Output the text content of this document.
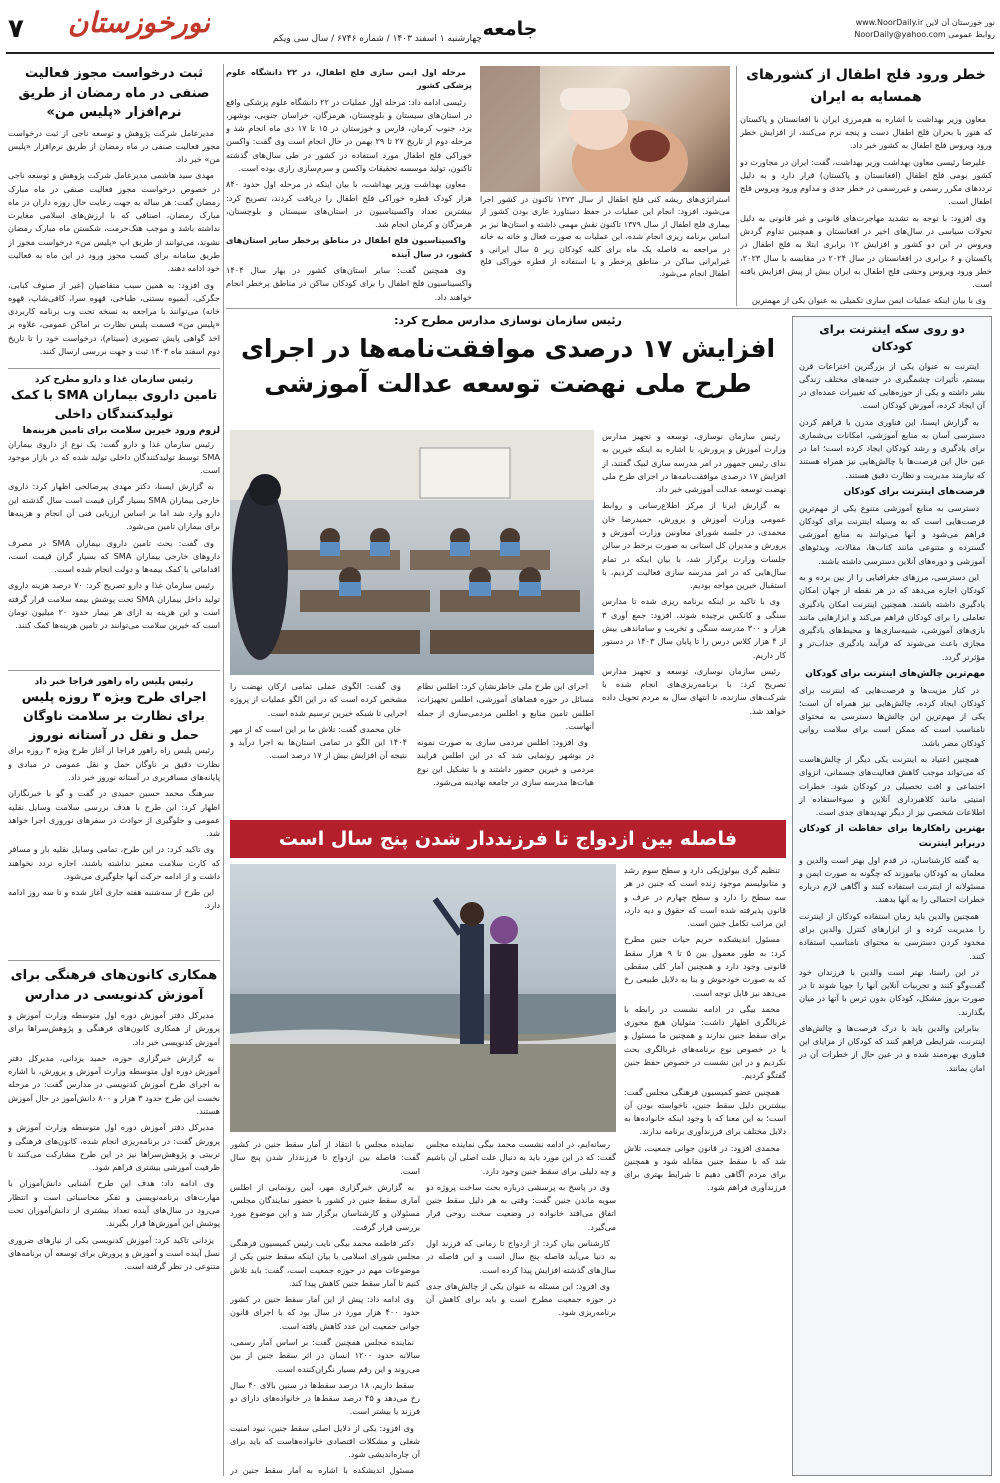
۷	نورخوزستان	چهارشنبه ۱ اسفند ۱۴۰۳ / شماره ۶۷۴۶ / سال سی ویکم جامعه	نور خوزستان آن لاین www.NoorDaily.ir
روابط عمومی NoorDaily@yahoo.com
خطر ورود فلج اطفال از کشورهای
همسایه به ایران

معاون وزیر بهداشت با اشاره به هم‌مرزی ایران با افغانستان و پاکستان که هنوز با بحران فلج اطفال دست و پنجه نرم می‌کنند، از افزایش خطر ورود ویروس فلج اطفال به کشور خبر داد.

علیرضا رئیسی معاون بهداشت وزیر بهداشت، گفت: ایران در مجاورت دو کشور بومی فلج اطفال (افغانستان و پاکستان) قرار دارد و به دلیل ترددهای مکرر رسمی و غیررسمی در خطر جدی و مداوم ورود ویروس فلج اطفال است.

وی افزود: با توجه به تشدید مهاجرت‌های قانونی و غیر قانونی به دلیل تحولات سیاسی در سال‌های اخیر در افغانستان و همچنین تداوم گردش ویروس در این دو کشور و افزایش ۱۲ برابری ابتلا به فلج اطفال در پاکستان و ۶ برابری در افغانستان در سال ۲۰۲۴ در مقایسه با سال ۲۰۲۳، خطر ورود ویروس وحشی فلج اطفال به ایران بیش از پیش افزایش یافته است.

وی با بیان اینکه عملیات ایمن سازی تکمیلی به عنوان یکی از مهمترین

استراتژی‌های ریشه کنی فلج اطفال از سال ۱۳۷۳ تاکنون در کشور اجرا می‌شود. افزود: انجام این عملیات در حفظ دستاورد عاری بودن کشور از بیماری فلج اطفال از سال ۱۳۷۹ تاکنون نقش مهمی داشته و استان‌ها نیز بر اساس برنامه ریزی انجام شده، این عملیات به صورت فعال و خانه به خانه در مراجعه به فاصله یک ماه برای کلیه کودکان زیر ۵ سال ایرانی و غیرایرانی ساکن در مناطق پرخطر و با استفاده از قطره خوراکی فلج اطفال انجام می‌شود.

مرحله اول ایمن سازی فلج اطفال، در ۲۲ دانشگاه علوم پزشکی کشور

رئیسی ادامه داد: مرحله اول عملیات در ۲۲ دانشگاه علوم پزشکی واقع در استان‌های سیستان و بلوچستان، هرمزگان، خراسان جنوبی، بوشهر، یزد، جنوب کرمان، فارس و خوزستان در ۱۵ تا ۱۷ دی ماه انجام شد و مرحله دوم از تاریخ ۲۷ تا ۲۹ بهمن در حال انجام است وی گفت: واکسن خوراکی فلج اطفال مورد استفاده در کشور در طی سال‌های گذشته تاکنون، تولید موسسه تحقیقات واکسن و سرم‌سازی رازی بوده است.

معاون بهداشت وزیر بهداشت، با بیان اینکه در مرحله اول حدود ۸۴۰ هزار کودک قطره خوراکی فلج اطفال را دریافت کردند، تصریح کرد: بیشترین تعداد واکسیناسیون در استان‌های سیستان و بلوچستان، هرمزگان و کرمان انجام شد.

واکسیناسیون فلج اطفال در مناطق پرخطر سایر استان‌های کشور، در سال آینده

وی همچنین گفت: سایر استان‌های کشور در بهار سال ۱۴۰۴ واکسیناسیون فلج اطفال را برای کودکان ساکن در مناطق پرخطر انجام خواهند داد.

ثبت درخواست مجوز فعالیت صنفی در ماه رمضان از طریق نرم‌افزار «پلیس من»

مدیرعامل شرکت پژوهش و توسعه ناجی از ثبت درخواست مجوز فعالیت صنفی در ماه رمضان از طریق نرم‌افزار «پلیس من» خبر داد.

مهدی سید هاشمی مدیرعامل شرکت پژوهش و توسعه ناجی در خصوص درخواست مجوز فعالیت صنفی در ماه مبارک رمضان گفت: هر ساله به جهت رعایت حال روزه داران در ماه مبارک رمضان، اصنافی که با ارزش‌های اسلامی مغایرت نداشته باشد و موجب هتک‌حرمت، شکستن ماه مبارک رمضان نشوند، می‌توانند از طریق اپ «پلیس من» درخواست مجوز از طریق سامانه برای کسب مجوز ورود در این ماه به فعالیت خود ادامه دهند.

وی افزود: به همین سبب متقاضیان (غیر از صنوف کبابی، جگرکی، آبمیوه بستنی، طباخی، قهوه سرا، کافی‌شاپ، قهوه خانه) می‌توانند با مراجعه به نسخه تحت وب برنامه کاربردی «پلیس من» قسمت پلیس نظارت بر اماکن عمومی، علاوه بر اخذ گواهی پایش تصویری (سیتام)، درخواست خود را تا تاریخ دوم اسفند ماه ۱۴۰۳ ثبت و جهت بررسی ارسال کنند.

رئیس سازمان غذا و دارو مطرح کرد
تامین داروی بیماران SMA با کمک تولیدکنندگان داخلی
لزوم ورود خیرین سلامت برای تامین هزینه‌ها

رئیس سازمان غذا و دارو گفت: یک نوع از داروی بیماران SMA توسط تولیدکنندگان داخلی تولید شده که در بازار موجود است.

به گزارش ایسنا، دکتر مهدی پیرصالحی اظهار کرد: داروی خارجی بیماران SMA بسیار گران قیمت است سال گذشته این دارو وارد شد اما بر اساس ارزیابی فنی آن انجام و هزینه‌ها برای بیماران تامین می‌شود.

وی گفت: بحث تامین داروی بیماران SMA در مصرف داروهای خارجی بیماران SMA که بسیار گران قیمت است، اقداماتی با کمک بیمه‌ها و دولت انجام شده است.

رئیس سازمان غذا و دارو تصریح کرد: ۷۰ درصد هزینه داروی تولید داخل بیماران SMA تحت پوشش بیمه سلامت قرار گرفته است و این هزینه به ازای هر بیمار حدود ۲۰ میلیون تومان است که خیرین سلامت می‌توانند در تامین هزینه‌ها کمک کنند.

رئیس پلیس راه راهور فراجا خبر داد
اجرای طرح ویژه ۳ روزه پلیس برای نظارت بر سلامت ناوگان حمل و نقل در آستانه نوروز

رئیس پلیس راه راهور فراجا از آغاز طرح ویژه ۳ روزه برای نظارت دقیق بر ناوگان حمل و نقل عمومی در مبادی و پایانه‌های مسافربری در آستانه نوروز خبر داد.

سرهنگ محمد حسین حمیدی در گفت و گو با خبرنگاران اظهار کرد: این طرح با هدف بررسی سلامت وسایل نقلیه عمومی و جلوگیری از حوادث در سفرهای نوروزی اجرا خواهد شد.

وی تاکید کرد: در این طرح، تمامی وسایل نقلیه بار و مسافر که کارت سلامت معتبر نداشته باشند، اجازه تردد نخواهند داشت و از ادامه حرکت آنها جلوگیری می‌شود.

این طرح از سه‌شنبه هفته جاری آغاز شده و تا سه روز ادامه دارد.

همکاری کانون‌های فرهنگی برای آموزش کدنویسی در مدارس

مدیرکل دفتر آموزش دوره اول متوسطه وزارت آموزش و پرورش از همکاری کانون‌های فرهنگی و پژوهش‌سرا‌ها برای آموزش کدنویسی خبر داد.

به گزارش خبرگزاری حوزه، حمید یزدانی، مدیرکل دفتر آموزش دوره اول متوسطه وزارت آموزش و پرورش، با اشاره به اجرای طرح آموزش کدنویسی در مدارس گفت: در مرحله نخست این طرح حدود ۳ هزار و ۸۰۰ دانش‌آموز در حال آموزش هستند.

مدیرکل دفتر آموزش دوره اول متوسطه وزارت آموزش و پرورش گفت: در برنامه‌ریزی انجام شده، کانون‌های فرهنگی و تربیتی و پژوهش‌سراها نیز در این طرح مشارکت می‌کنند تا ظرفیت آموزشی بیشتری فراهم شود.

وی ادامه داد: هدف این طرح آشنایی دانش‌آموزان با مهارت‌های برنامه‌نویسی و تفکر محاسباتی است و انتظار می‌رود در سال‌های آینده تعداد بیشتری از دانش‌آموزان تحت پوشش این آموزش‌ها قرار بگیرند.

یزدانی تاکید کرد: آموزش کدنویسی یکی از نیازهای ضروری نسل آینده است و آموزش و پرورش برای توسعه آن برنامه‌های متنوعی در نظر گرفته است.

دو روی سکه اینترنت برای کودکان

اینترنت به عنوان یکی از بزرگترین اختراعات قرن بیستم، تأثیرات چشمگیری در جنبه‌های مختلف زندگی بشر داشته و یکی از حوزه‌هایی که تغییرات عمده‌ای در آن ایجاد کرده، آموزش کودکان است.

به گزارش ایسنا، این فناوری مدرن با فراهم کردن دسترسی آسان به منابع آموزشی، امکانات بی‌شماری برای یادگیری و رشد کودکان ایجاد کرده است؛ اما در عین حال این فرصت‌ها با چالش‌هایی نیز همراه هستند که نیازمند مدیریت و نظارت دقیق هستند.

فرصت‌های اینترنت برای کودکان

دسترسی به منابع آموزشی متنوع یکی از مهم‌ترین فرصت‌هایی است که به وسیله اینترنت برای کودکان فراهم می‌شود و آنها می‌توانند به منابع آموزشی گسترده و متنوعی مانند کتاب‌ها، مقالات، ویدئوهای آموزشی و دوره‌های آنلاین دسترسی داشته باشند.

این دسترسی، مرزهای جغرافیایی را از بین برده و به کودکان اجازه می‌دهد که در هر نقطه از جهان امکان یادگیری داشته باشند. همچنین اینترنت امکان یادگیری تعاملی را برای کودکان فراهم می‌کند و ابزارهایی مانند بازی‌های آموزشی، شبیه‌سازی‌ها و محیط‌های یادگیری مجازی باعث می‌شوند که فرآیند یادگیری جذاب‌تر و مؤثرتر گردد.

مهم‌ترین چالش‌های اینترنت برای کودکان

در کنار مزیت‌ها و فرصت‌هایی که اینترنت برای کودکان ایجاد کرده، چالش‌هایی نیز همراه آن است؛ یکی از مهم‌ترین این چالش‌ها دسترسی به محتوای نامناسب است که ممکن است برای سلامت روانی کودکان مضر باشد.

همچنین اعتیاد به اینترنت یکی دیگر از چالش‌هاست که می‌تواند موجب کاهش فعالیت‌های جسمانی، انزوای اجتماعی و افت تحصیلی در کودکان شود. خطرات امنیتی مانند کلاهبرداری آنلاین و سوءاستفاده از اطلاعات شخصی نیز از دیگر تهدیدهای جدی است.

بهترین راهکارها برای حفاظت از کودکان دربرابر اینترنت

به گفته کارشناسان، در قدم اول بهتر است والدین و معلمان به کودکان بیاموزند که چگونه به صورت ایمن و مسئولانه از اینترنت استفاده کنند و آگاهی لازم درباره خطرات احتمالی را به آنها بدهند.

همچنین والدین باید زمان استفاده کودکان از اینترنت را مدیریت کرده و از ابزارهای کنترل والدین برای محدود کردن دسترسی به محتوای نامناسب استفاده کنند.

در این راستا، بهتر است والدین با فرزندان خود گفت‌وگو کنند و تجربیات آنلاین آنها را جویا شوند تا در صورت بروز مشکل، کودکان بدون ترس با آنها در میان بگذارند.

بنابراین والدین باید با درک فرصت‌ها و چالش‌های اینترنت، شرایطی فراهم کنند که کودکان از مزایای این فناوری بهره‌مند شده و در عین حال از خطرات آن در امان بمانند.

رئیس سازمان نوسازی مدارس مطرح کرد:
افزایش ۱۷ درصدی موافقت‌نامه‌ها در اجرای
طرح ملی نهضت توسعه عدالت آموزشی

رئیس سازمان نوسازی، توسعه و تجهیز مدارس وزارت آموزش و پرورش، با اشاره به اینکه خیرین به ندای رئیس جمهور در امر مدرسه سازی لبیک گفتند، از افزایش ۱۷ درصدی موافقت‌نامه‌ها در اجرای طرح ملی نهضت توسعه عدالت آموزشی خبر داد.

به گزارش ایرنا از مرکز اطلاع‌رسانی و روابط عمومی وزارت آموزش و پرورش، حمیدرضا خان محمدی، در جلسه شورای معاونین وزارت آموزش و پرورش و مدیران کل استانی به صورت برخط در سالن جلسات وزارت برگزار شد، با بیان اینکه در تمام سال‌هایی که در امر مدرسه سازی فعالیت کردیم، با استقبال خیرین مواجه بودیم.

وی با تاکید بر اینکه برنامه ریزی شده تا مدارس سنگی و کانکس برچیده شوند، افزود: جمع آوری ۳ هزار و ۳۰۰ مدرسه سنگی و تخریب و ساماندهی بیش از ۴ هزار کلاس درس را تا پایان سال ۱۴۰۳ در دستور کار داریم.

رئیس سازمان نوسازی، توسعه و تجهیز مدارس تصریح کرد: با برنامه‌ریزی‌های انجام شده با شرکت‌های سازنده، تا انتهای سال به مردم تحویل داده خواهد شد.

اجرای این طرح ملی خاطرنشان کرد: اطلس نظام مسائل در حوزه فضاهای آموزشی، اطلس تجهیزات، اطلس تامین منابع و اطلس مردمی‌سازی از جمله آنهاست.

وی افزود: اطلس مردمی سازی به صورت نمونه در بوشهر رونمایی شد که در این اطلس فرایند مردمی و خیرین حضور داشتند و با تشکیل این نوع هیات‌ها مدرسه سازی در جامعه نهادینه می‌شود.

وی گفت: الگوی عملی تمامی ارکان نهضت را مشخص کرده است که در این الگو عملیات از پروژه اجرایی تا شبکه خیرین ترسیم شده است.

خان محمدی گفت: تلاش ما بر این است که از مهر ۱۴۰۴ این الگو در تمامی استان‌ها به اجرا درآید و نتیجه آن افزایش بیش از ۱۷ درصد است.

فاصله بین ازدواج تا فرزنددار شدن پنج سال است

تنظیم گری بیولوژیکی دارد و سطح سوم رشد و متابولیسم موجود زنده است که جنین در هر سه سطح را دارد و سطح چهارم در عرف و قانون پذیرفته شده است که حقوق و دیه دارد، این مراتب تکامل جنین است.

مسئول اندیشکده حریم حیات جنین مطرح کرد: به طور معمول بین ۵ تا ۹ هزار سقط قانونی وجود دارد و همچنین آمار کلی سقطی که به صورت خودجوش و بنا به دلایل طبیعی رخ می‌دهد نیز قابل توجه است.

محمد بیگی در ادامه نشست در رابطه با غربالگری اظهار داشت: متولیان هیچ مجوزی برای سقط جنین ندارند و همچنین ما مسئول و یا در خصوص نوع برنامه‌های غربالگری بحث نکردیم و در این نشست در خصوص حفظ جنین گفتگو کردیم.

همچنین عضو کمیسیون فرهنگی مجلس گفت: بیشترین دلیل سقط جنین، ناخواسته بودن آن است؛ به این معنا که با وجود اینکه خانواده‌ها به دلایل مختلف برای فرزندآوری برنامه ندارند.

محمدی افزود: در قانون جوانی جمعیت، تلاش شد که با سقط جنین مقابله شود و همچنین برای مردم آگاهی دهیم تا شرایط بهتری برای فرزندآوری فراهم شود.

رسانه‌ایم، در ادامه نشست محمد بیگی نماینده مجلس گفت: که در این مورد باید به دنبال علت اصلی آن باشیم و چه دلیلی برای سقط جنین وجود دارد.

وی در پاسخ به پرسشی درباره بحث ساخت پروژه دو سویه ماندن جنین گفت: وقتی به هر دلیل سقط جنین اتفاق می‌افتد خانواده در وضعیت سخت روحی قرار می‌گیرد.

کارشناس بیان کرد: از ازدواج تا زمانی که فرزند اول به دنیا می‌آید فاصله پنج سال است و این فاصله در سال‌های گذشته افزایش پیدا کرده است.

وی افزود: این مسئله به عنوان یکی از چالش‌های جدی در حوزه جمعیت مطرح است و باید برای کاهش آن برنامه‌ریزی شود.

نماینده مجلس با انتقاد از آمار سقط جنین در کشور گفت: فاصله بین ازدواج تا فرزنددار شدن پنج سال است.

به گزارش خبرگزاری مهر، آیین رونمایی از اطلس آماری سقط جنین در کشور با حضور نمایندگان مجلس، مسئولان و کارشناسان برگزار شد و این موضوع مورد بررسی قرار گرفت.

دکتر فاطمه محمد بیگی نایب رئیس کمیسیون فرهنگی مجلس شورای اسلامی با بیان اینکه سقط جنین یکی از موضوعات مهم در حوزه جمعیت است، گفت: باید تلاش کنیم تا آمار سقط جنین کاهش پیدا کند.

وی ادامه داد: پیش از این آمار سقط جنین در کشور حدود ۴۰۰ هزار مورد در سال بود که با اجرای قانون جوانی جمعیت این عدد کاهش یافته است.

نماینده مجلس همچنین گفت: بر اساس آمار رسمی، سالانه حدود ۱۲۰۰ انسان در اثر سقط جنین از بین می‌روند و این رقم بسیار نگران‌کننده است.

سقط داریم، ۱۸ درصد سقط‌ها در سنین بالای ۴۰ سال رخ می‌دهد و ۴۵ درصد سقط‌ها در خانواده‌های دارای دو فرزند یا بیشتر است.

وی افزود: یکی از دلایل اصلی سقط جنین، نبود امنیت شغلی و مشکلات اقتصادی خانواده‌هاست که باید برای آن چاره‌اندیشی شود.

مسئول اندیشکده با اشاره به آمار سقط جنین در
